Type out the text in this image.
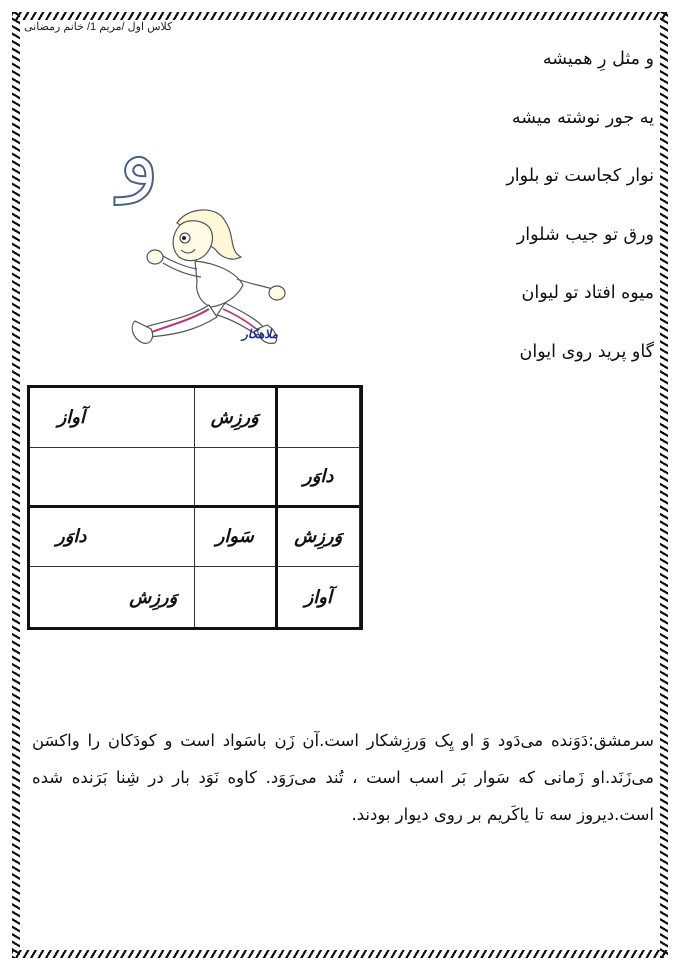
کلاس اول /مریم 1/ خانم رمضانی
و مثل رِ همیشه
یه جور نوشته میشه
نوار کجاست تو بلوار
ورق تو جیب شلوار
میوه افتاد تو لیوان
گاو پرید روی ایوان
و
ملاهکار
وَرزِش
آواز
داوَر
وَرزِش
سَوار
داوَر
آواز
وَرزِش

سرمشق:دَوَنده می‌دَود وَ او یِک وَرزِشکار است.آن زَن باسَواد است و کودَکان را واکسَن می‌زَنَد.او زَمانی که سَوار بَر اسب است ، تُند می‌رَوَد. کاوه نَوَد بار در شِنا بَرَنده شده است.دیروز سه تا یاکَریم بر روی دیوار بودند.
